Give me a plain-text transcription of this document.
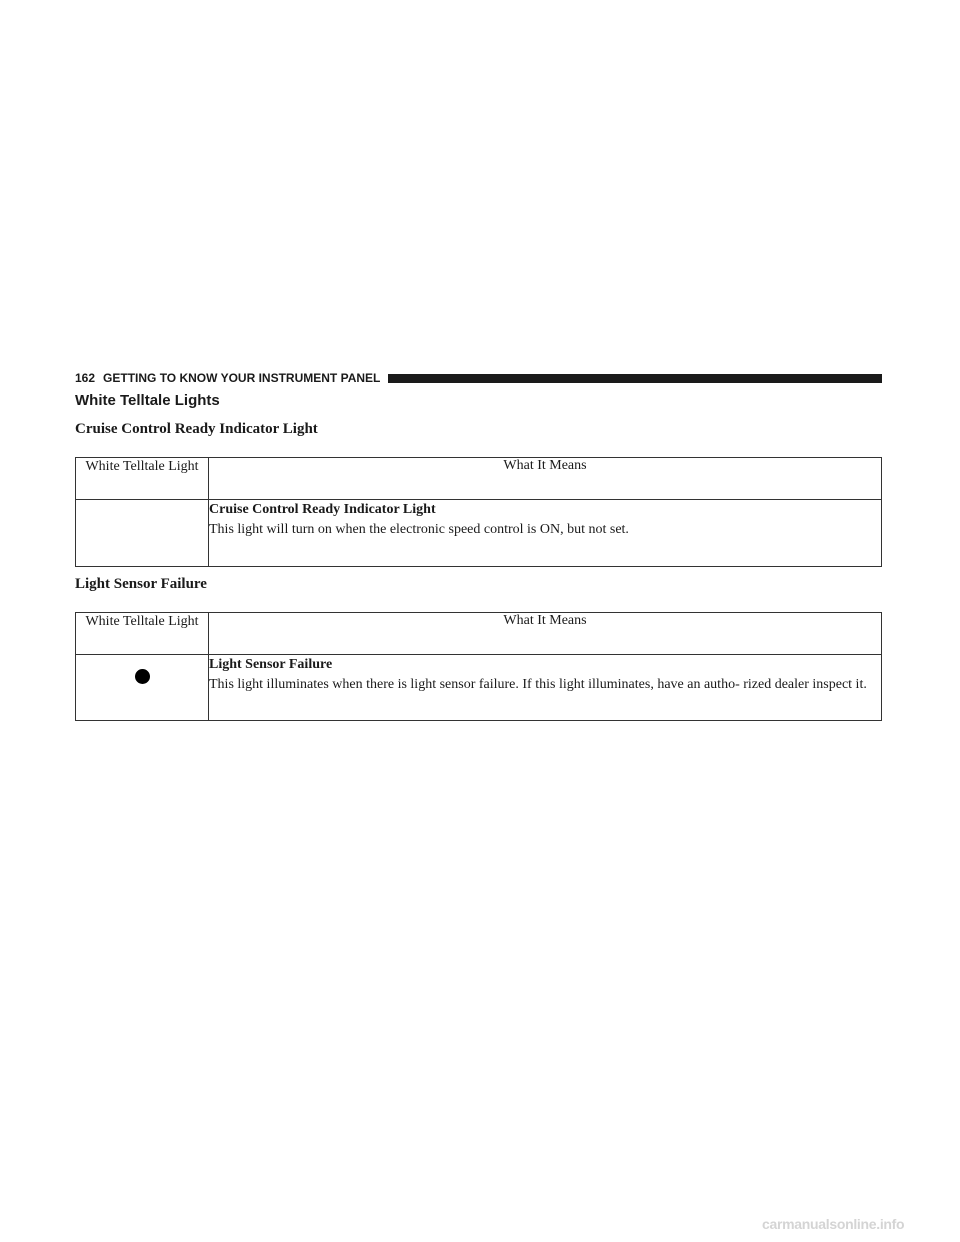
162 GETTING TO KNOW YOUR INSTRUMENT PANEL
White Telltale Lights
Cruise Control Ready Indicator Light
White Telltale Light	What It Means

	Cruise Control Ready Indicator Light
This light will turn on when the electronic speed control is ON, but not set.
Light Sensor Failure
White Telltale Light	What It Means

	Light Sensor Failure
This light illuminates when there is light sensor failure. If this light illuminates, have an autho- rized dealer inspect it.
carmanualsonline.info
